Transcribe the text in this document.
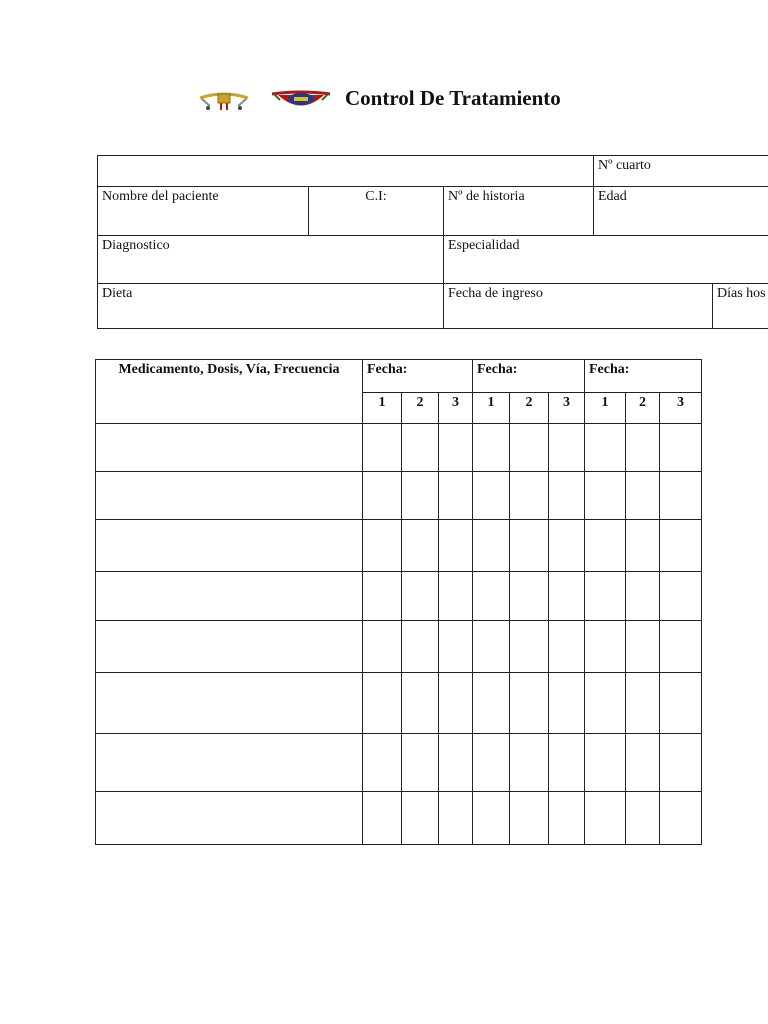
Control De Tratamiento
Nº cuarto
Nombre del paciente	C.I:	Nº de historia	Edad
Diagnostico	Especialidad
Dieta	Fecha de ingreso	Días hos
Medicamento, Dosis, Vía, Frecuencia	Fecha:			Fecha:			Fecha:		
	1	2	3	1	2	3	1	2	3
